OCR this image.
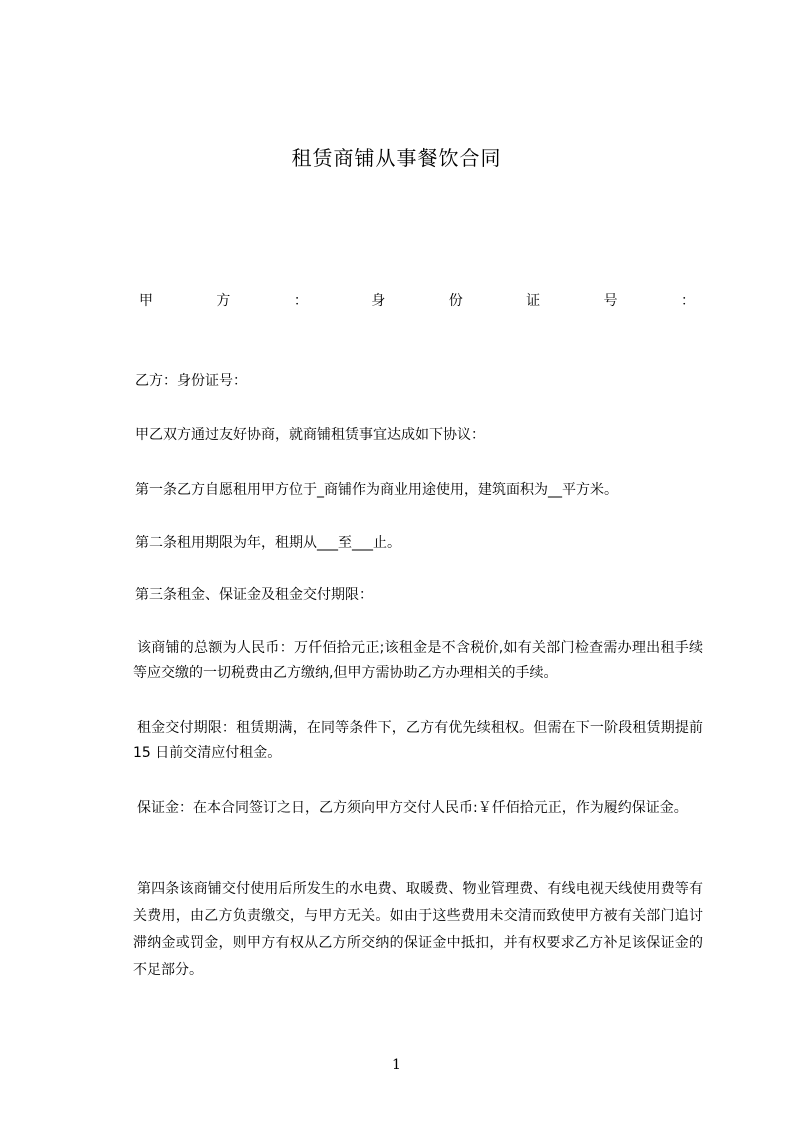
租赁商铺从事餐饮合同
甲	方	：	身	份	证	号	：

乙方：身份证号：

甲乙双方通过友好协商，就商铺租赁事宜达成如下协议：

第一条乙方自愿租用甲方位于_商铺作为商业用途使用，建筑面积为__平方米。

第二条租用期限为年，租期从___至___止。

第三条租金、保证金及租金交付期限：

该商铺的总额为人民币：万仟佰拾元正;该租金是不含税价,如有关部门检查需办理出租手续等应交缴的一切税费由乙方缴纳,但甲方需协助乙方办理相关的手续。

租金交付期限：租赁期满，在同等条件下，乙方有优先续租权。但需在下一阶段租赁期提前 15 日前交清应付租金。

保证金：在本合同签订之日，乙方须向甲方交付人民币:￥仟佰拾元正，作为履约保证金。

第四条该商铺交付使用后所发生的水电费、取暖费、物业管理费、有线电视天线使用费等有关费用，由乙方负责缴交，与甲方无关。如由于这些费用未交清而致使甲方被有关部门追讨滞纳金或罚金，则甲方有权从乙方所交纳的保证金中抵扣，并有权要求乙方补足该保证金的不足部分。

1
